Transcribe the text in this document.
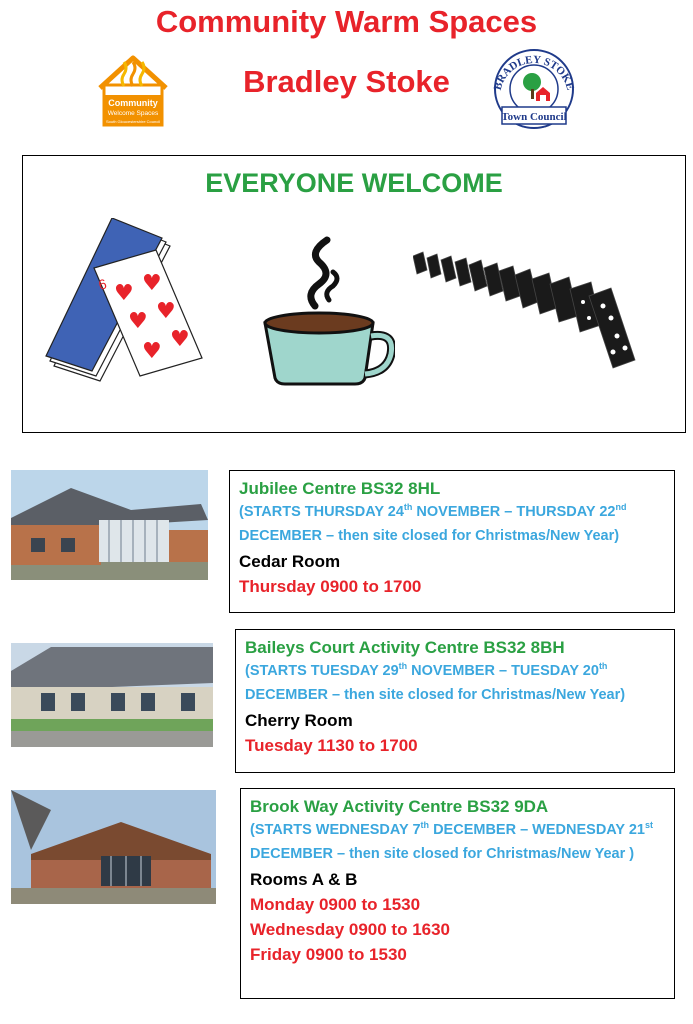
Community Warm Spaces
Bradley Stoke
Community
Welcome Spaces
South Gloucestershire Council
BRADLEY STOKE
Town Council
EVERYONE WELCOME
6 ♥ ♥
♥ ♥
♥ ♥
Jubilee Centre BS32 8HL
(STARTS THURSDAY 24th NOVEMBER – THURSDAY 22nd DECEMBER – then site closed for Christmas/New Year)
Cedar Room
Thursday 0900 to 1700
Baileys Court Activity Centre BS32 8BH
(STARTS TUESDAY 29th NOVEMBER – TUESDAY 20th DECEMBER – then site closed for Christmas/New Year)
Cherry Room
Tuesday 1130 to 1700
Brook Way Activity Centre BS32 9DA
(STARTS WEDNESDAY 7th DECEMBER – WEDNESDAY 21st DECEMBER – then site closed for Christmas/New Year )
Rooms A & B
Monday 0900 to 1530
Wednesday 0900 to 1630
Friday 0900 to 1530
